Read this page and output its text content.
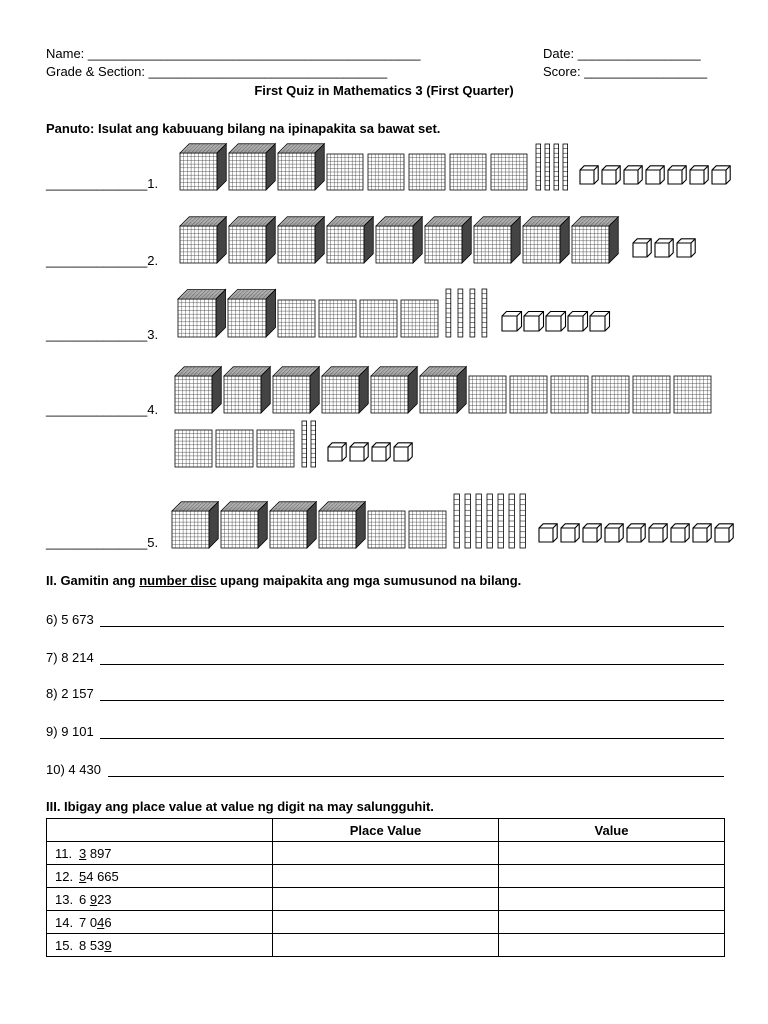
Name: ______________________________________________	Date: _________________
Grade & Section: _________________________________	Score: _________________
First Quiz in Mathematics 3 (First Quarter)
Panuto: Isulat ang kabuuang bilang na ipinapakita sa bawat set.
______________1.
______________2.
______________3.
______________4.
______________5.
II. Gamitin ang number disc upang maipakita ang mga sumusunod na bilang.
6) 5 673
7) 8 214
8) 2 157
9) 9 101
10) 4 430
III. Ibigay ang place value at value ng digit na may salungguhit.
	Place Value	Value
11. 3 897		
12. 54 665		
13. 6 923		
14. 7 046		
15. 8 539		
